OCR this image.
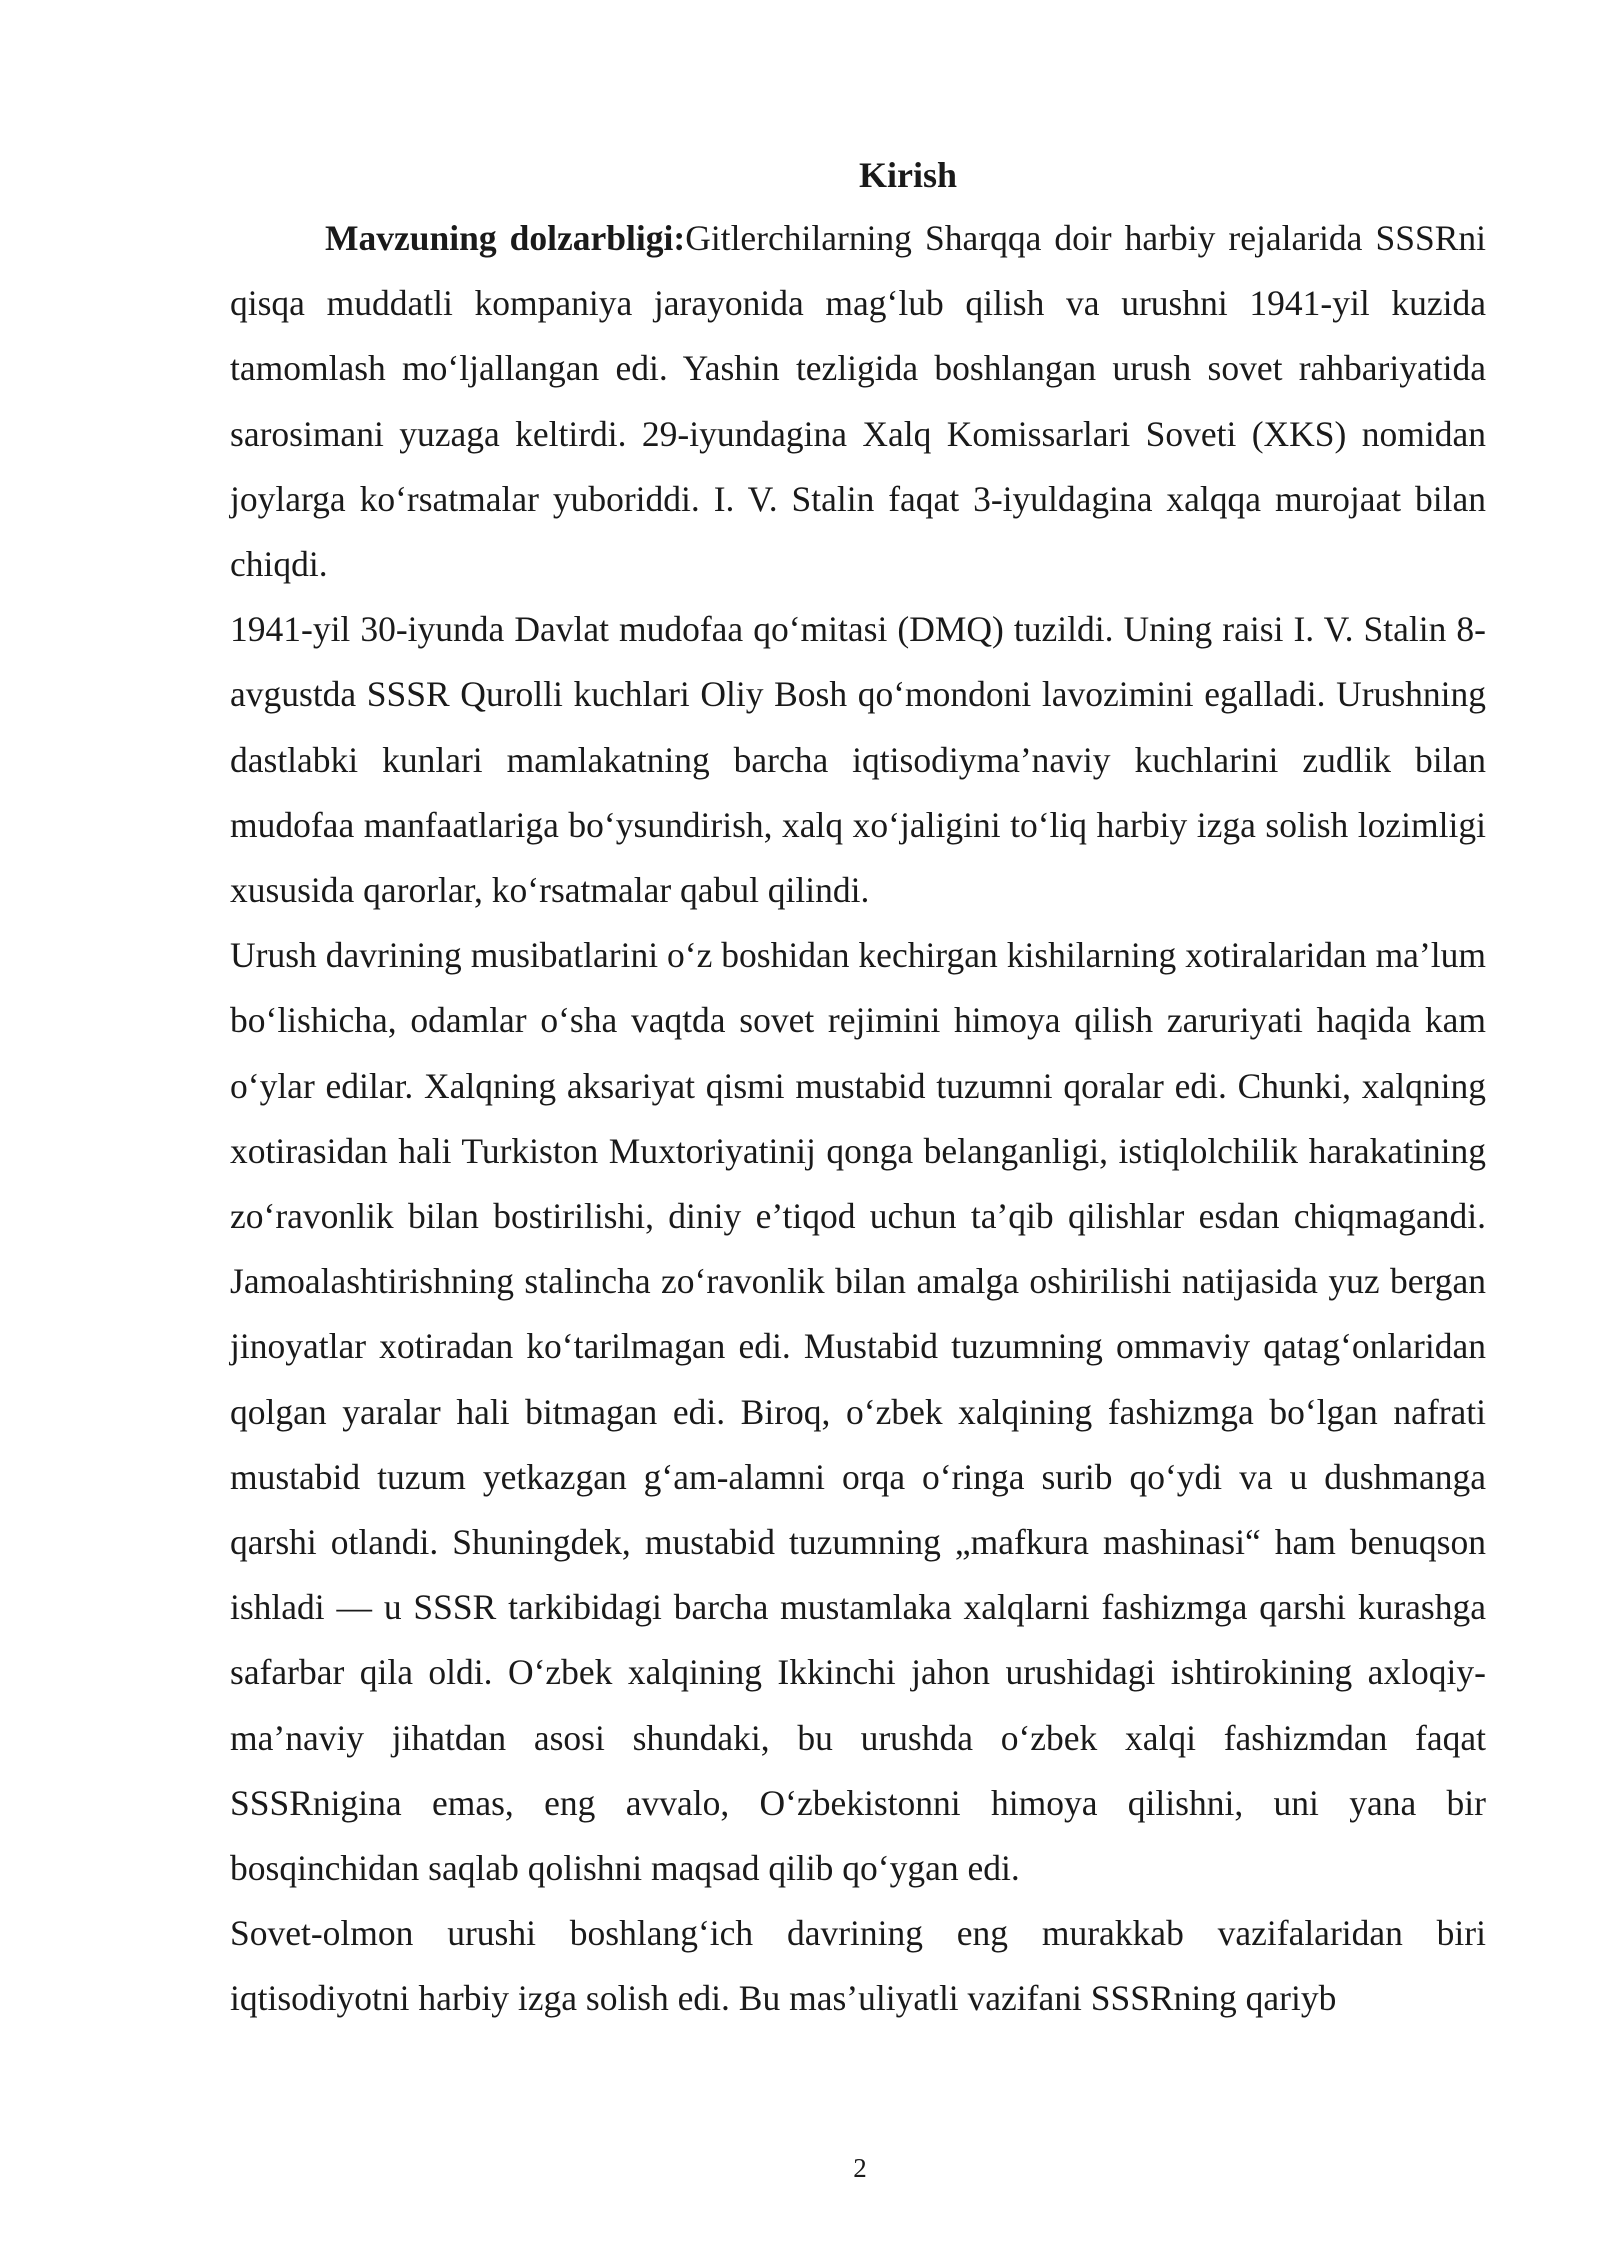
Kirish

Mavzuning dolzarbligi:Gitlerchilarning Sharqqa doir harbiy rejalarida SSSRni qisqa muddatli kompaniya jarayonida mag‘lub qilish va urushni 1941-yil kuzida tamomlash mo‘ljallangan edi. Yashin tezligida boshlangan urush sovet rahbariyatida sarosimani yuzaga keltirdi. 29-iyundagina Xalq Komissarlari Soveti (XKS) nomidan joylarga ko‘rsatmalar yuboriddi. I. V. Stalin faqat 3-iyuldagina xalqqa murojaat bilan chiqdi.

1941-yil 30-iyunda Davlat mudofaa qo‘mitasi (DMQ) tuzildi. Uning raisi I. V. Stalin 8-avgustda SSSR Qurolli kuchlari Oliy Bosh qo‘mondoni lavozimini egalladi. Urushning dastlabki kunlari mamlakatning barcha iqtisodiyma’naviy kuchlarini zudlik bilan mudofaa manfaatlariga bo‘ysundirish, xalq xo‘jaligini to‘liq harbiy izga solish lozimligi xususida qarorlar, ko‘rsatmalar qabul qilindi.

Urush davrining musibatlarini o‘z boshidan kechirgan kishilarning xotiralaridan ma’lum bo‘lishicha, odamlar o‘sha vaqtda sovet rejimini himoya qilish zaruriyati haqida kam o‘ylar edilar. Xalqning aksariyat qismi mustabid tuzumni qoralar edi. Chunki, xalqning xotirasidan hali Turkiston Muxtoriyatinij qonga belanganligi, istiqlolchilik harakatining zo‘ravonlik bilan bostirilishi, diniy e’tiqod uchun ta’qib qilishlar esdan chiqmagandi. Jamoalashtirishning stalincha zo‘ravonlik bilan amalga oshirilishi natijasida yuz bergan jinoyatlar xotiradan ko‘tarilmagan edi. Mustabid tuzumning ommaviy qatag‘onlaridan qolgan yaralar hali bitmagan edi. Biroq, o‘zbek xalqining fashizmga bo‘lgan nafrati mustabid tuzum yetkazgan g‘am-alamni orqa o‘ringa surib qo‘ydi va u dushmanga qarshi otlandi. Shuningdek, mustabid tuzumning „mafkura mashinasi“ ham benuqson ishladi — u SSSR tarkibidagi barcha mustamlaka xalqlarni fashizmga qarshi kurashga safarbar qila oldi. O‘zbek xalqining Ikkinchi jahon urushidagi ishtirokining axloqiy-ma’naviy jihatdan asosi shundaki, bu urushda o‘zbek xalqi fashizmdan faqat SSSRnigina emas, eng avvalo, O‘zbekistonni himoya qilishni, uni yana bir bosqinchidan saqlab qolishni maqsad qilib qo‘ygan edi.

Sovet-olmon urushi boshlang‘ich davrining eng murakkab vazifalaridan biri iqtisodiyotni harbiy izga solish edi. Bu mas’uliyatli vazifani SSSRning qariyb

2
